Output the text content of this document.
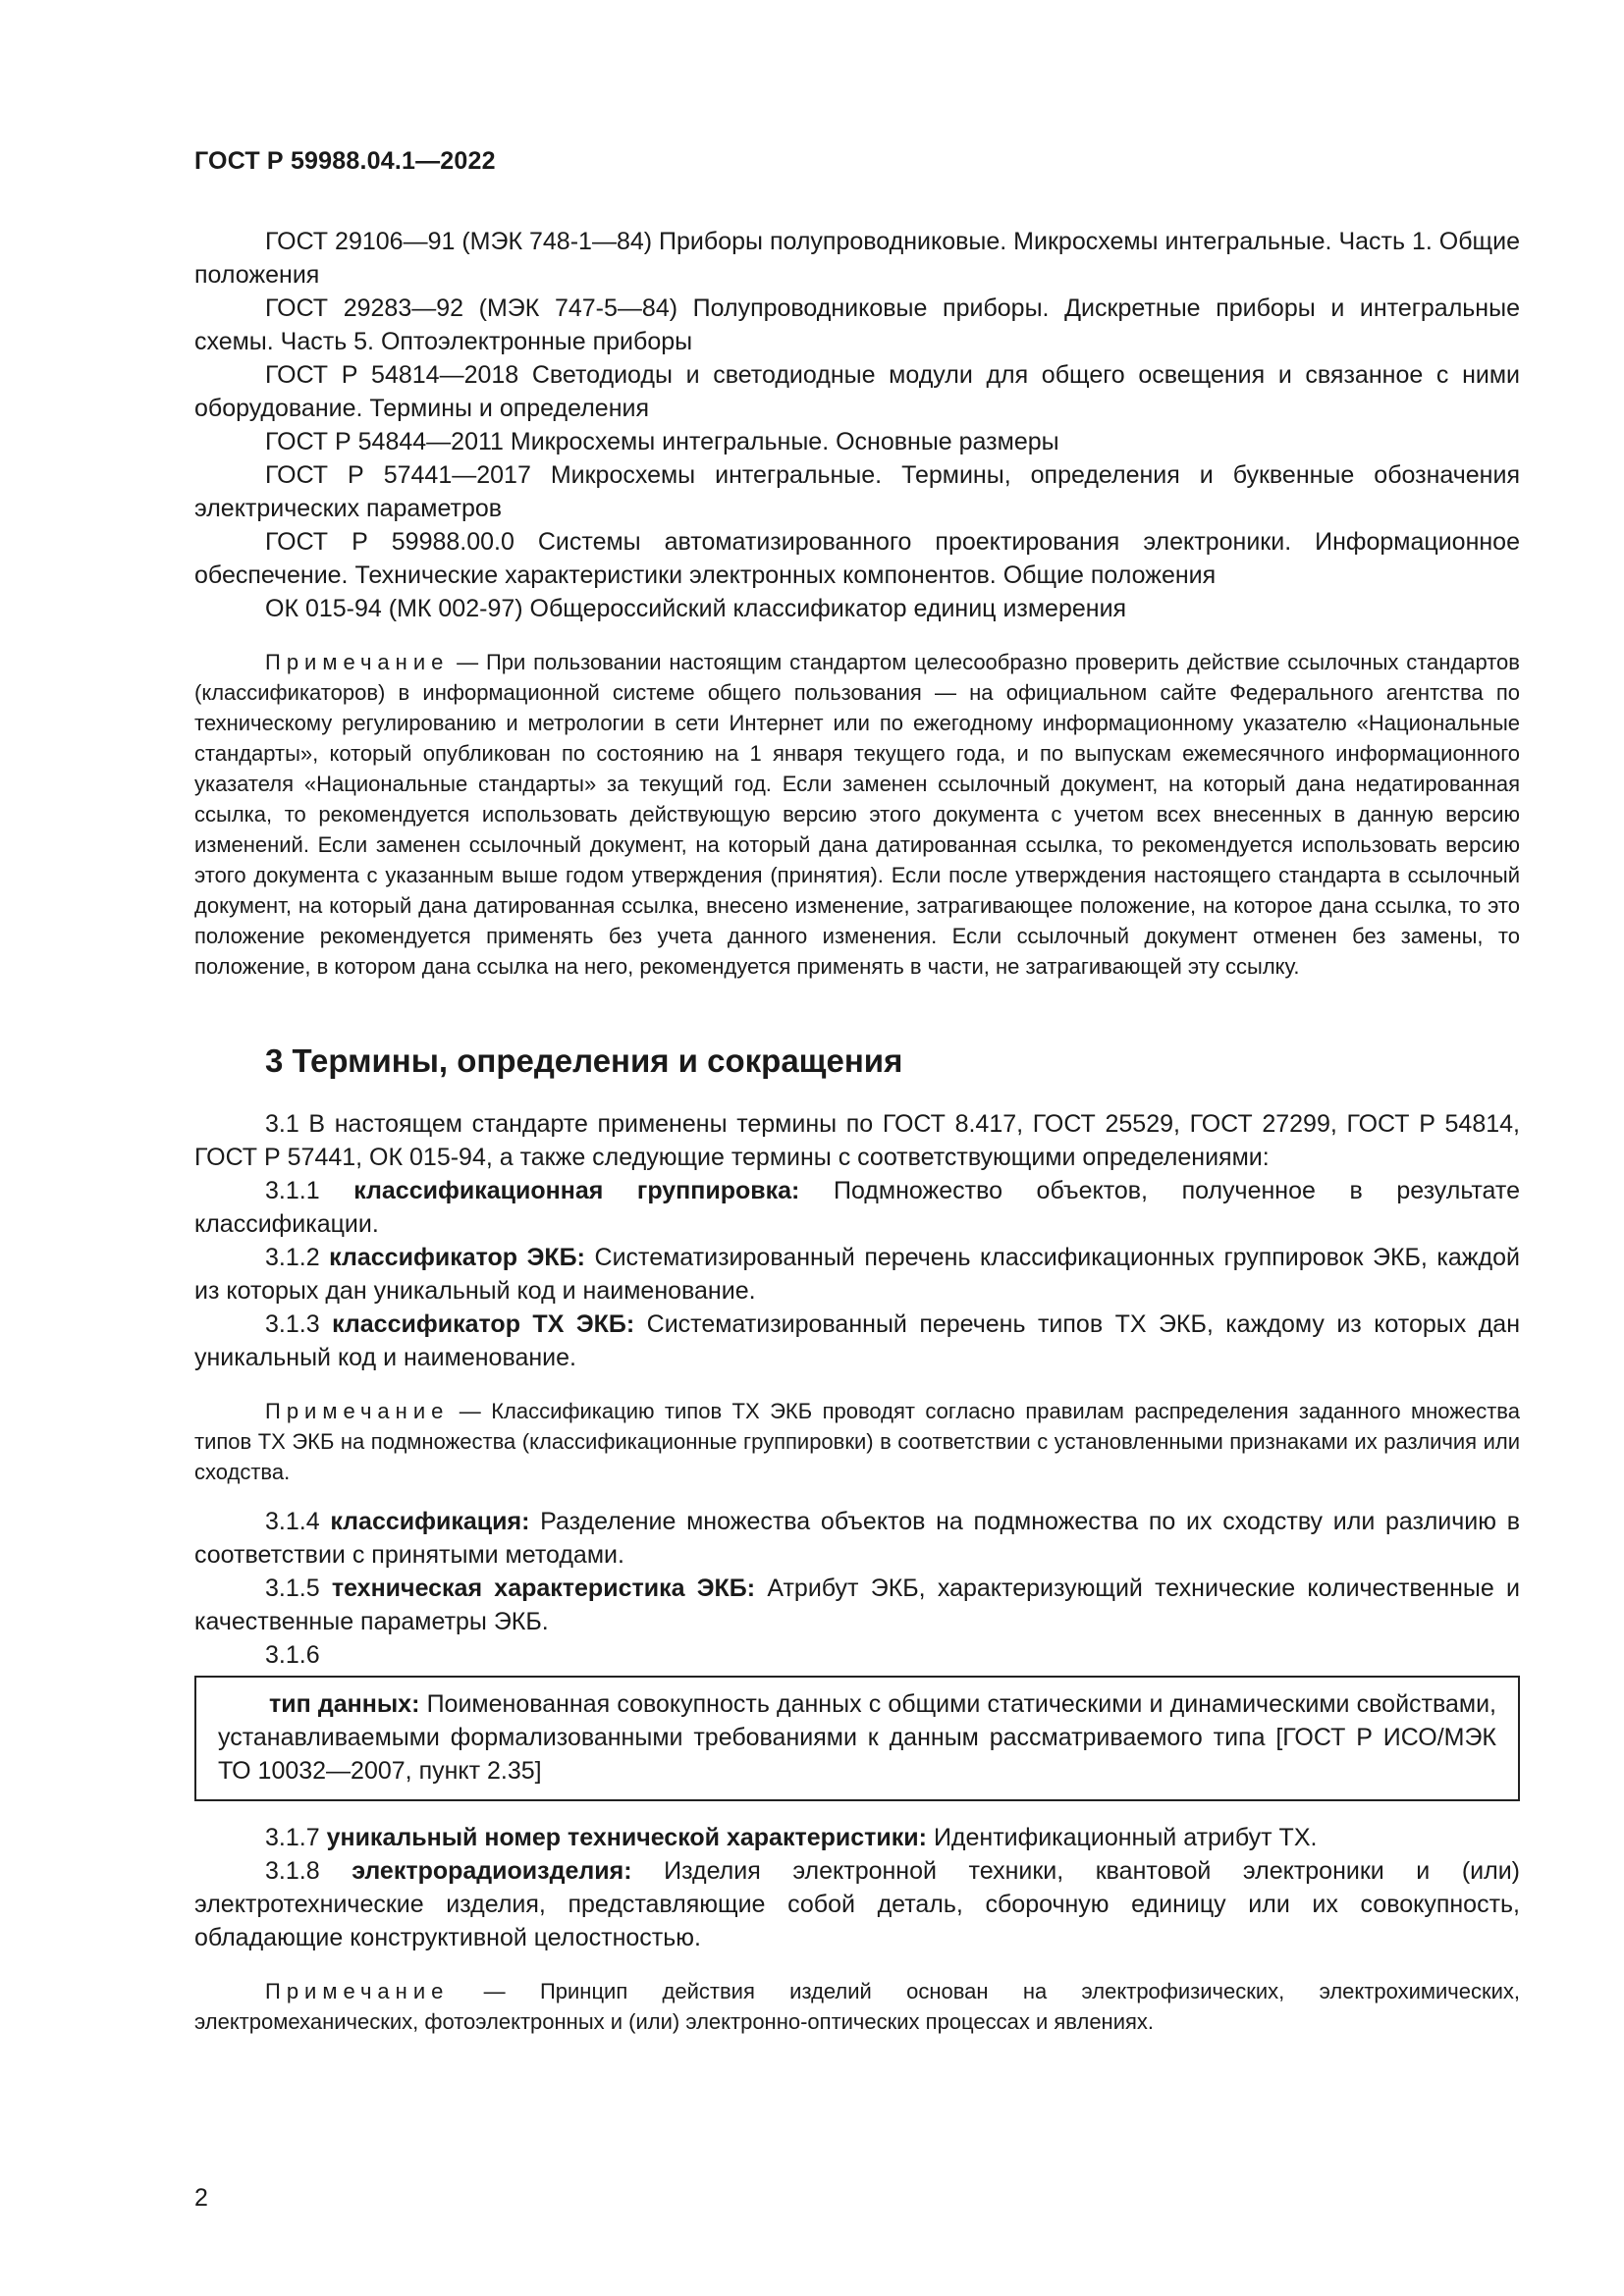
ГОСТ Р 59988.04.1—2022

ГОСТ 29106—91 (МЭК 748-1—84) Приборы полупроводниковые. Микросхемы интегральные. Часть 1. Общие положения

ГОСТ 29283—92 (МЭК 747-5—84) Полупроводниковые приборы. Дискретные приборы и интегральные схемы. Часть 5. Оптоэлектронные приборы

ГОСТ Р 54814—2018 Светодиоды и светодиодные модули для общего освещения и связанное с ними оборудование. Термины и определения

ГОСТ Р 54844—2011 Микросхемы интегральные. Основные размеры

ГОСТ Р 57441—2017 Микросхемы интегральные. Термины, определения и буквенные обозначения электрических параметров

ГОСТ Р 59988.00.0 Системы автоматизированного проектирования электроники. Информационное обеспечение. Технические характеристики электронных компонентов. Общие положения

ОК 015-94 (МК 002-97) Общероссийский классификатор единиц измерения

Примечание — При пользовании настоящим стандартом целесообразно проверить действие ссылочных стандартов (классификаторов) в информационной системе общего пользования — на официальном сайте Федерального агентства по техническому регулированию и метрологии в сети Интернет или по ежегодному информационному указателю «Национальные стандарты», который опубликован по состоянию на 1 января текущего года, и по выпускам ежемесячного информационного указателя «Национальные стандарты» за текущий год. Если заменен ссылочный документ, на который дана недатированная ссылка, то рекомендуется использовать действующую версию этого документа с учетом всех внесенных в данную версию изменений. Если заменен ссылочный документ, на который дана датированная ссылка, то рекомендуется использовать версию этого документа с указанным выше годом утверждения (принятия). Если после утверждения настоящего стандарта в ссылочный документ, на который дана датированная ссылка, внесено изменение, затрагивающее положение, на которое дана ссылка, то это положение рекомендуется применять без учета данного изменения. Если ссылочный документ отменен без замены, то положение, в котором дана ссылка на него, рекомендуется применять в части, не затрагивающей эту ссылку.

3 Термины, определения и сокращения

3.1 В настоящем стандарте применены термины по ГОСТ 8.417, ГОСТ 25529, ГОСТ 27299, ГОСТ Р 54814, ГОСТ Р 57441, ОК 015-94, а также следующие термины с соответствующими определениями:

3.1.1 классификационная группировка: Подмножество объектов, полученное в результате классификации.

3.1.2 классификатор ЭКБ: Систематизированный перечень классификационных группировок ЭКБ, каждой из которых дан уникальный код и наименование.

3.1.3 классификатор ТХ ЭКБ: Систематизированный перечень типов ТХ ЭКБ, каждому из которых дан уникальный код и наименование.

Примечание — Классификацию типов ТХ ЭКБ проводят согласно правилам распределения заданного множества типов ТХ ЭКБ на подмножества (классификационные группировки) в соответствии с установленными признаками их различия или сходства.

3.1.4 классификация: Разделение множества объектов на подмножества по их сходству или различию в соответствии с принятыми методами.

3.1.5 техническая характеристика ЭКБ: Атрибут ЭКБ, характеризующий технические количественные и качественные параметры ЭКБ.

3.1.6

тип данных: Поименованная совокупность данных с общими статическими и динамическими свойствами, устанавливаемыми формализованными требованиями к данным рассматриваемого типа [ГОСТ Р ИСО/МЭК ТО 10032—2007, пункт 2.35]

3.1.7 уникальный номер технической характеристики: Идентификационный атрибут ТХ.

3.1.8 электрорадиоизделия: Изделия электронной техники, квантовой электроники и (или) электротехнические изделия, представляющие собой деталь, сборочную единицу или их совокупность, обладающие конструктивной целостностью.

Примечание — Принцип действия изделий основан на электрофизических, электрохимических, электромеханических, фотоэлектронных и (или) электронно-оптических процессах и явлениях.

2
